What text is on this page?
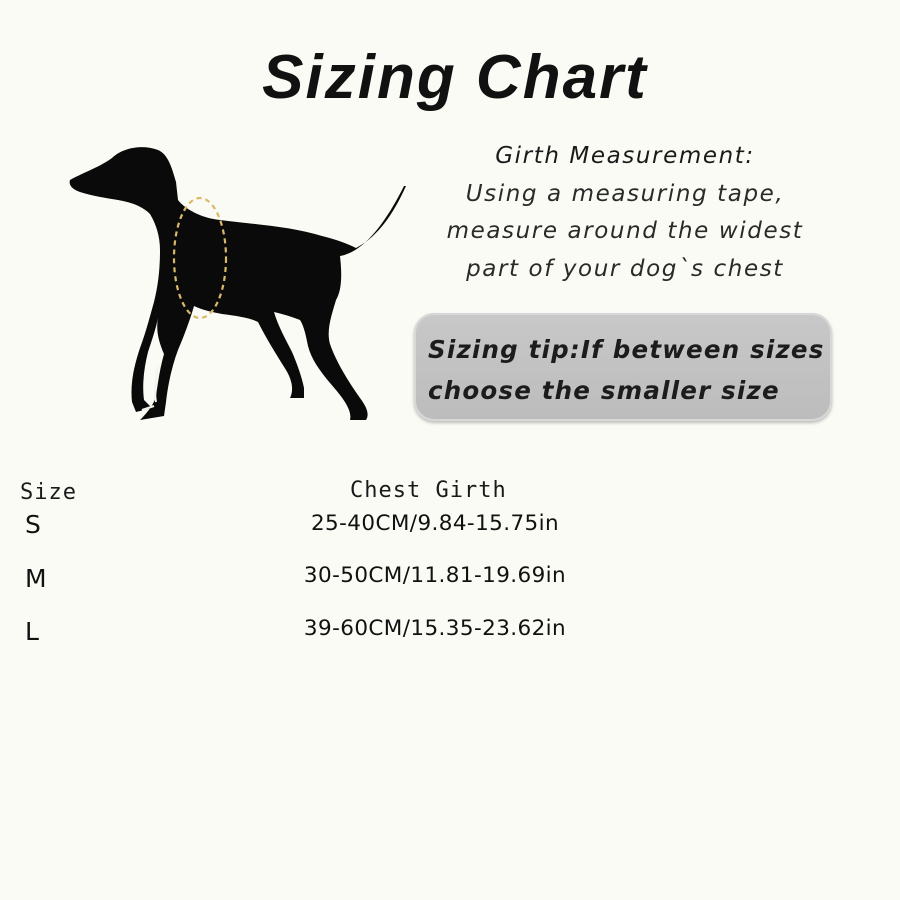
Sizing Chart
Girth Measurement:
Using a measuring tape,
measure around the widest
part of your dog`s chest
Sizing tip:If between sizes
choose the smaller size
Size	Chest Girth
S	25-40CM/9.84-15.75in
M	30-50CM/11.81-19.69in
L	39-60CM/15.35-23.62in
